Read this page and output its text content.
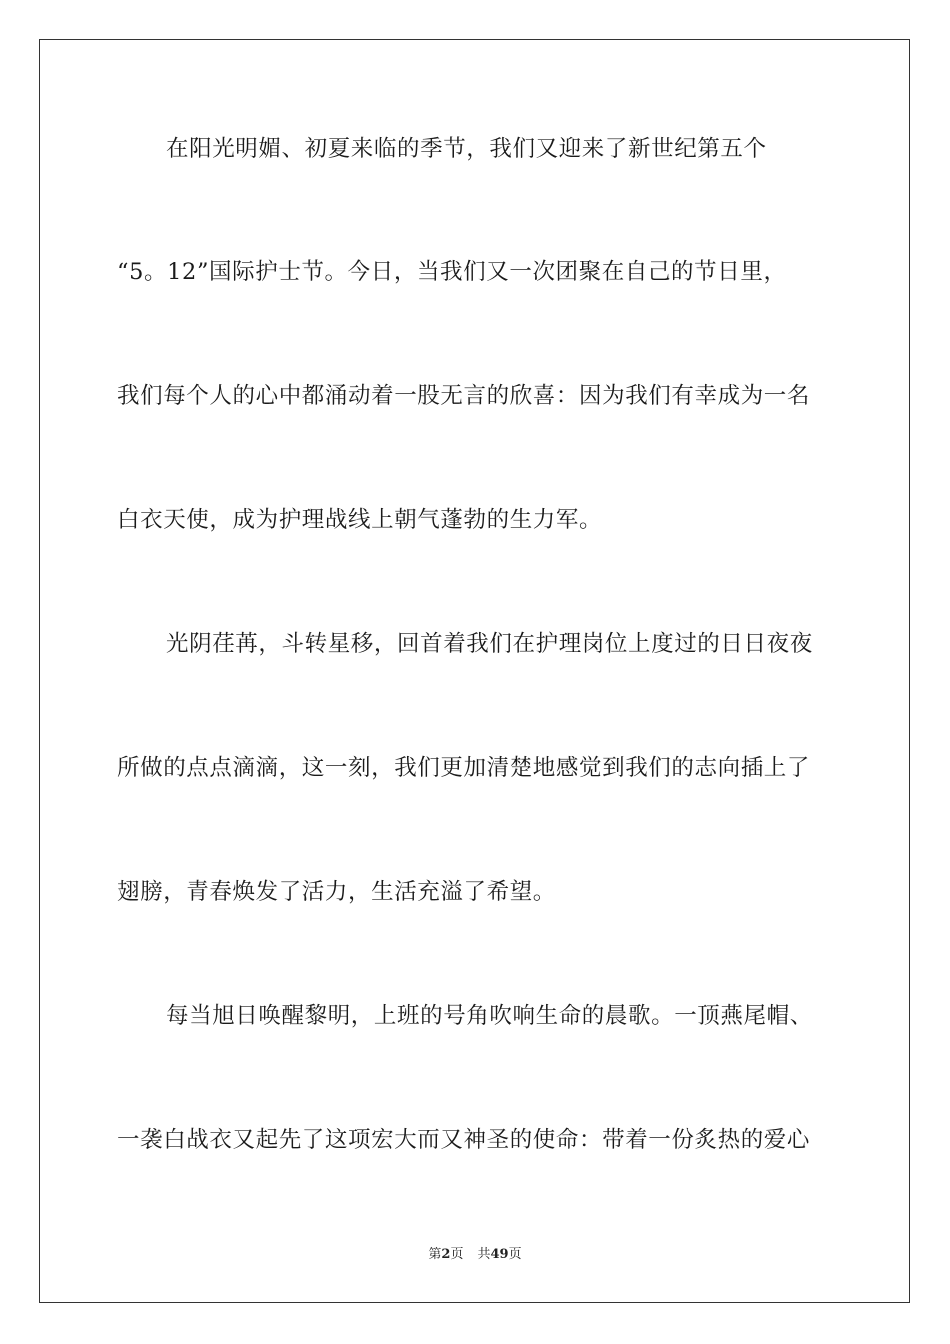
在阳光明媚、初夏来临的季节，我们又迎来了新世纪第五个
“5。12”国际护士节。今日，当我们又一次团聚在自己的节日里，
我们每个人的心中都涌动着一股无言的欣喜：因为我们有幸成为一名
白衣天使，成为护理战线上朝气蓬勃的生力军。
光阴荏苒，斗转星移，回首着我们在护理岗位上度过的日日夜夜
所做的点点滴滴，这一刻，我们更加清楚地感觉到我们的志向插上了
翅膀，青春焕发了活力，生活充溢了希望。
每当旭日唤醒黎明，上班的号角吹响生命的晨歌。一顶燕尾帽、
一袭白战衣又起先了这项宏大而又神圣的使命：带着一份炙热的爱心
第2页 共49页
